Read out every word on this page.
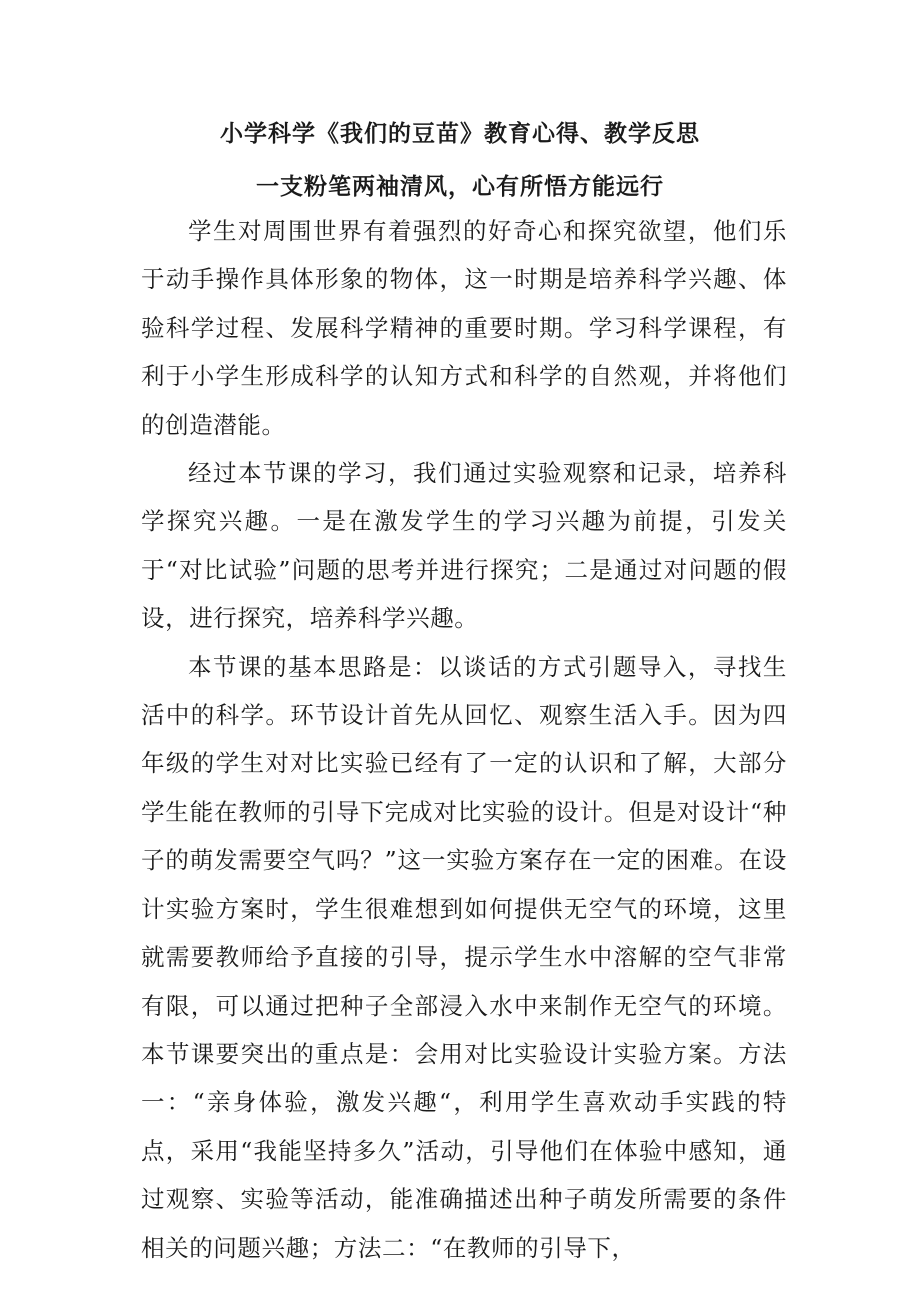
小学科学《我们的豆苗》教育心得、教学反思
一支粉笔两袖清风，心有所悟方能远行

学生对周围世界有着强烈的好奇心和探究欲望，他们乐于动手操作具体形象的物体，这一时期是培养科学兴趣、体验科学过程、发展科学精神的重要时期。学习科学课程，有利于小学生形成科学的认知方式和科学的自然观，并将他们的创造潜能。

经过本节课的学习，我们通过实验观察和记录，培养科学探究兴趣。一是在激发学生的学习兴趣为前提，引发关于“对比试验”问题的思考并进行探究；二是通过对问题的假设，进行探究，培养科学兴趣。

本节课的基本思路是：以谈话的方式引题导入，寻找生活中的科学。环节设计首先从回忆、观察生活入手。因为四年级的学生对对比实验已经有了一定的认识和了解，大部分学生能在教师的引导下完成对比实验的设计。但是对设计“种子的萌发需要空气吗？”这一实验方案存在一定的困难。在设计实验方案时，学生很难想到如何提供无空气的环境，这里就需要教师给予直接的引导，提示学生水中溶解的空气非常有限，可以通过把种子全部浸入水中来制作无空气的环境。本节课要突出的重点是：会用对比实验设计实验方案。方法一：“亲身体验，激发兴趣“，利用学生喜欢动手实践的特点，采用“我能坚持多久”活动，引导他们在体验中感知，通过观察、实验等活动，能准确描述出种子萌发所需要的条件相关的问题兴趣；方法二：“在教师的引导下，
